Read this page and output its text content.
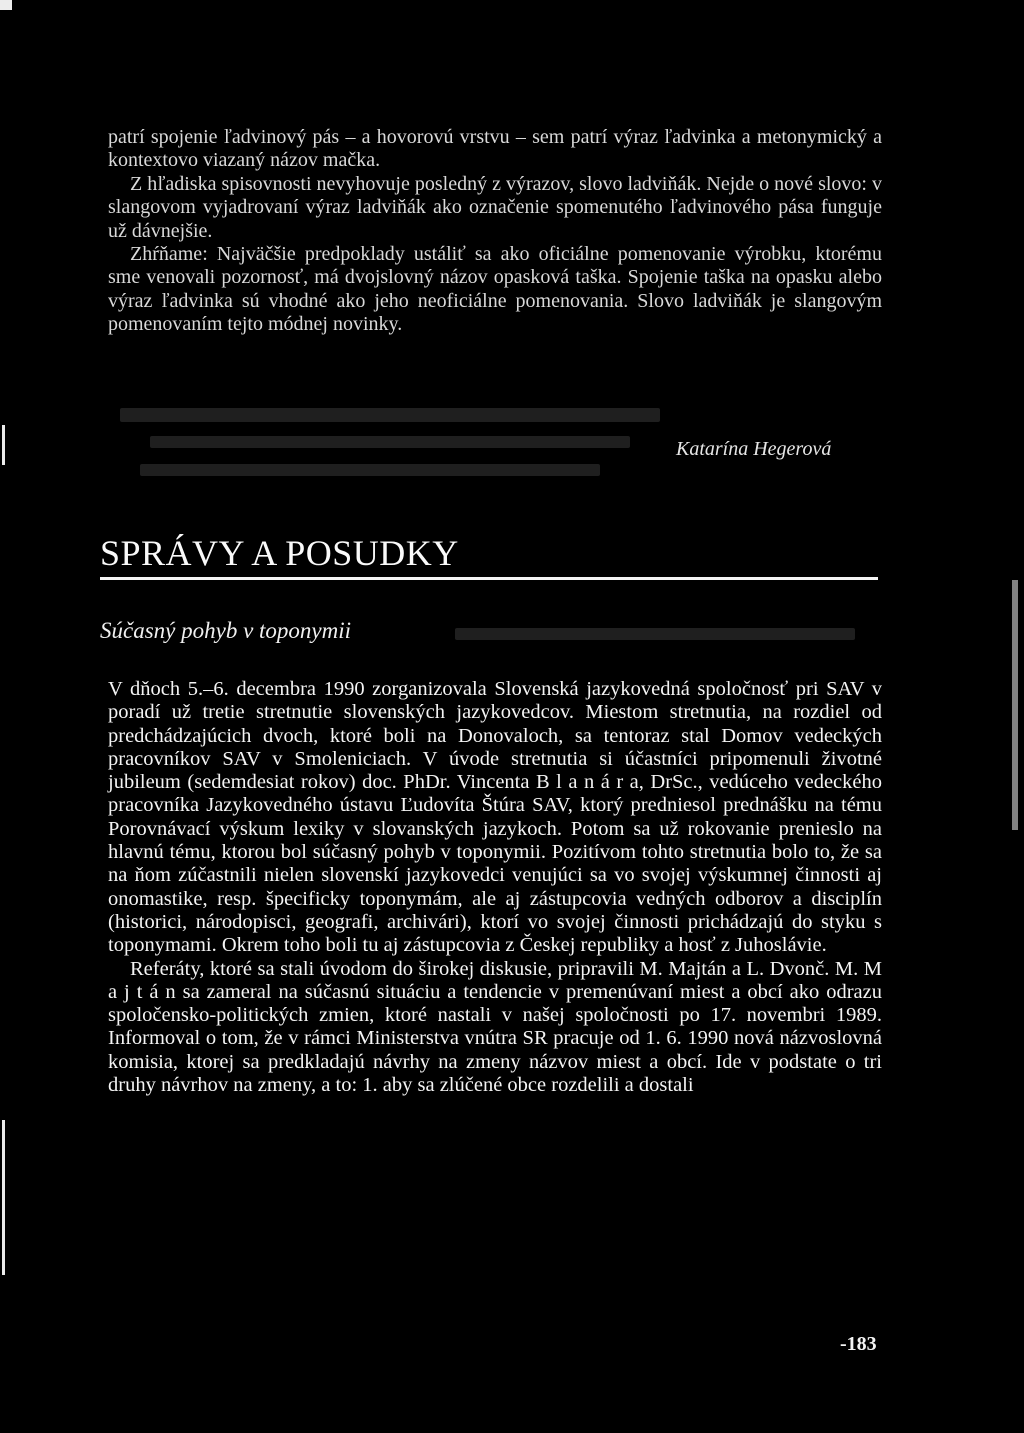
patrí spojenie ľadvinový pás – a hovorovú vrstvu – sem patrí výraz ľadvinka a metonymický a kontextovo viazaný názov mačka.

Z hľadiska spisovnosti nevyhovuje posledný z výrazov, slovo ladviňák. Nejde o nové slovo: v slangovom vyjadrovaní výraz ladviňák ako označenie spomenutého ľadvinového pása funguje už dávnejšie.

Zhŕňame: Najväčšie predpoklady ustáliť sa ako oficiálne pomenovanie výrobku, ktorému sme venovali pozornosť, má dvojslovný názov opasková taška. Spojenie taška na opasku alebo výraz ľadvinka sú vhodné ako jeho neoficiálne pomenovania. Slovo ladviňák je slangovým pomenovaním tejto módnej novinky.

Katarína Hegerová
SPRÁVY A POSUDKY
Súčasný pohyb v toponymii

V dňoch 5.–6. decembra 1990 zorganizovala Slovenská jazykovedná spoločnosť pri SAV v poradí už tretie stretnutie slovenských jazykovedcov. Miestom stretnutia, na rozdiel od predchádzajúcich dvoch, ktoré boli na Donovaloch, sa tentoraz stal Domov vedeckých pracovníkov SAV v Smoleniciach. V úvode stretnutia si účastníci pripomenuli životné jubileum (sedemdesiat rokov) doc. PhDr. Vincenta B l a n á r a, DrSc., vedúceho vedeckého pracovníka Jazykovedného ústavu Ľudovíta Štúra SAV, ktorý predniesol prednášku na tému Porovnávací výskum lexiky v slovanských jazykoch. Potom sa už rokovanie prenieslo na hlavnú tému, ktorou bol súčasný pohyb v toponymii. Pozitívom tohto stretnutia bolo to, že sa na ňom zúčastnili nielen slovenskí jazykovedci venujúci sa vo svojej výskumnej činnosti aj onomastike, resp. špecificky toponymám, ale aj zástupcovia vedných odborov a disciplín (historici, národopisci, geografi, archivári), ktorí vo svojej činnosti prichádzajú do styku s toponymami. Okrem toho boli tu aj zástupcovia z Českej republiky a hosť z Juhoslávie.

Referáty, ktoré sa stali úvodom do širokej diskusie, pripravili M. Majtán a L. Dvonč. M. M a j t á n sa zameral na súčasnú situáciu a tendencie v premenúvaní miest a obcí ako odrazu spoločensko-politických zmien, ktoré nastali v našej spoločnosti po 17. novembri 1989. Informoval o tom, že v rámci Ministerstva vnútra SR pracuje od 1. 6. 1990 nová názvoslovná komisia, ktorej sa predkladajú návrhy na zmeny názvov miest a obcí. Ide v podstate o tri druhy návrhov na zmeny, a to: 1. aby sa zlúčené obce rozdelili a dostali

-183
